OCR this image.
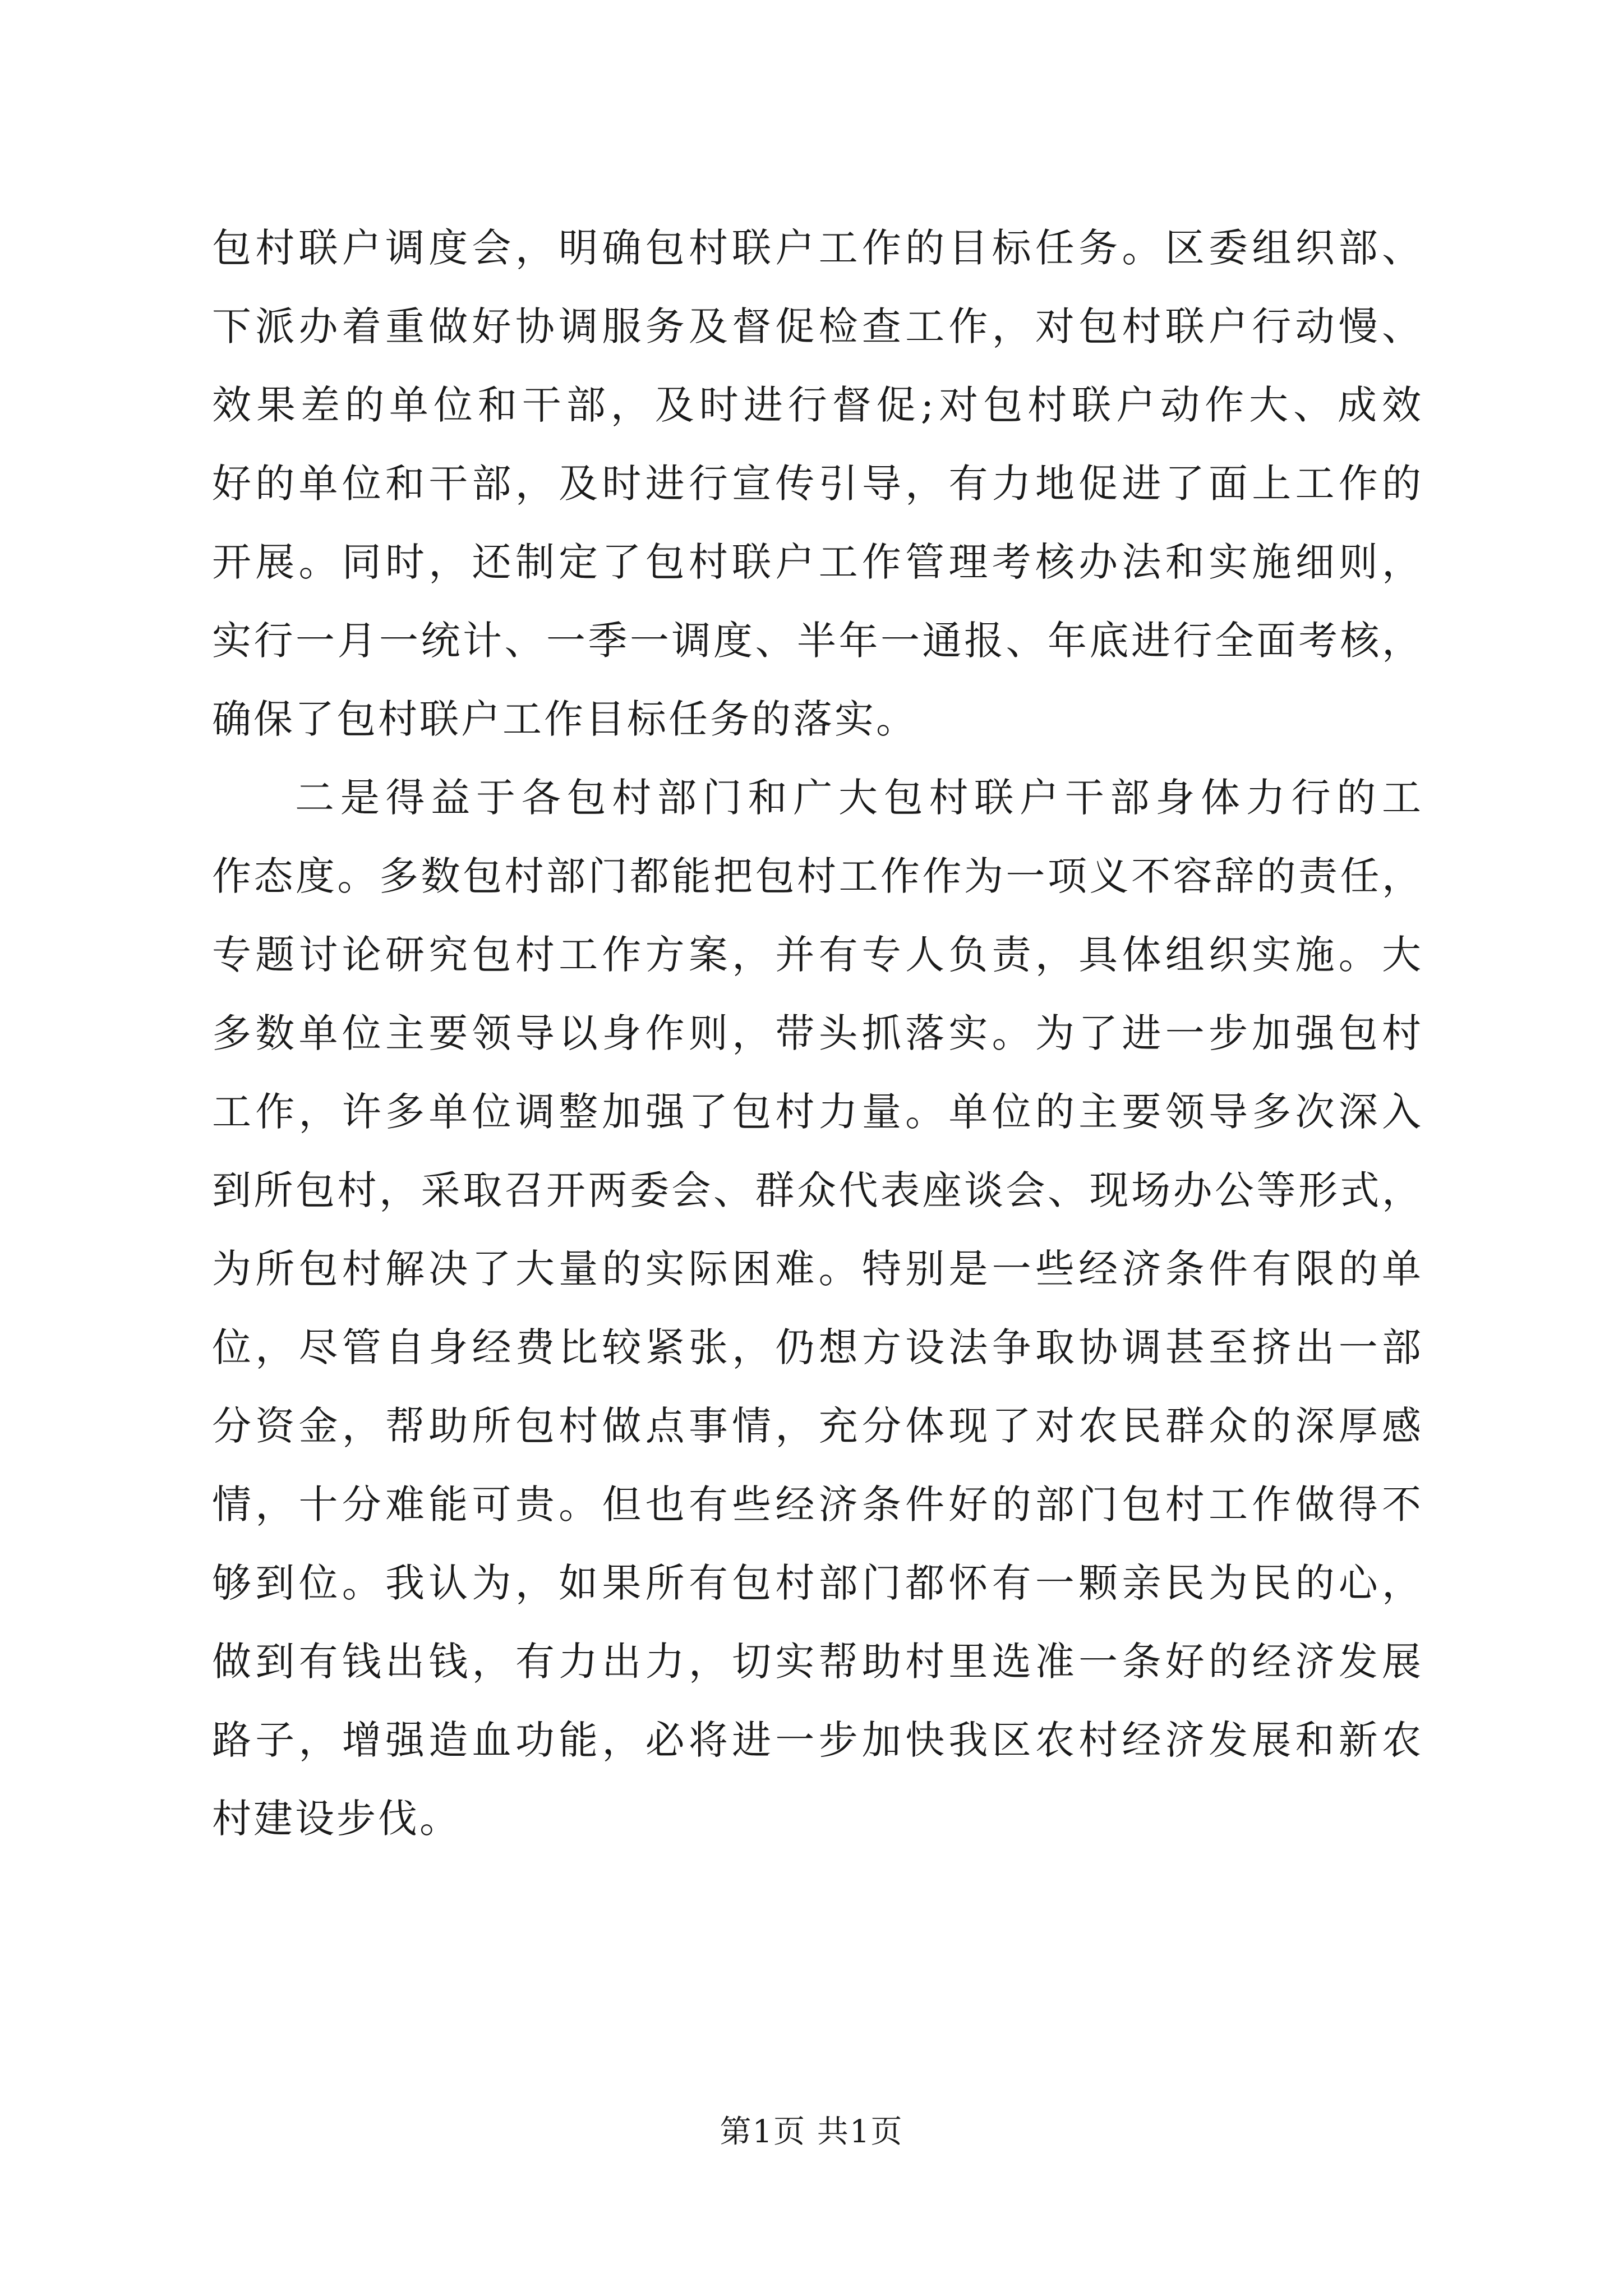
包村联户调度会，明确包村联户工作的目标任务。区委组织部、
下派办着重做好协调服务及督促检查工作，对包村联户行动慢、
效果差的单位和干部，及时进行督促;对包村联户动作大、成效
好的单位和干部，及时进行宣传引导，有力地促进了面上工作的
开展。同时，还制定了包村联户工作管理考核办法和实施细则，
实行一月一统计、一季一调度、半年一通报、年底进行全面考核，
确保了包村联户工作目标任务的落实。
二是得益于各包村部门和广大包村联户干部身体力行的工
作态度。多数包村部门都能把包村工作作为一项义不容辞的责任，
专题讨论研究包村工作方案，并有专人负责，具体组织实施。大
多数单位主要领导以身作则，带头抓落实。为了进一步加强包村
工作，许多单位调整加强了包村力量。单位的主要领导多次深入
到所包村，采取召开两委会、群众代表座谈会、现场办公等形式，
为所包村解决了大量的实际困难。特别是一些经济条件有限的单
位，尽管自身经费比较紧张，仍想方设法争取协调甚至挤出一部
分资金，帮助所包村做点事情，充分体现了对农民群众的深厚感
情，十分难能可贵。但也有些经济条件好的部门包村工作做得不
够到位。我认为，如果所有包村部门都怀有一颗亲民为民的心，
做到有钱出钱，有力出力，切实帮助村里选准一条好的经济发展
路子，增强造血功能，必将进一步加快我区农村经济发展和新农
村建设步伐。
第1页 共1页
